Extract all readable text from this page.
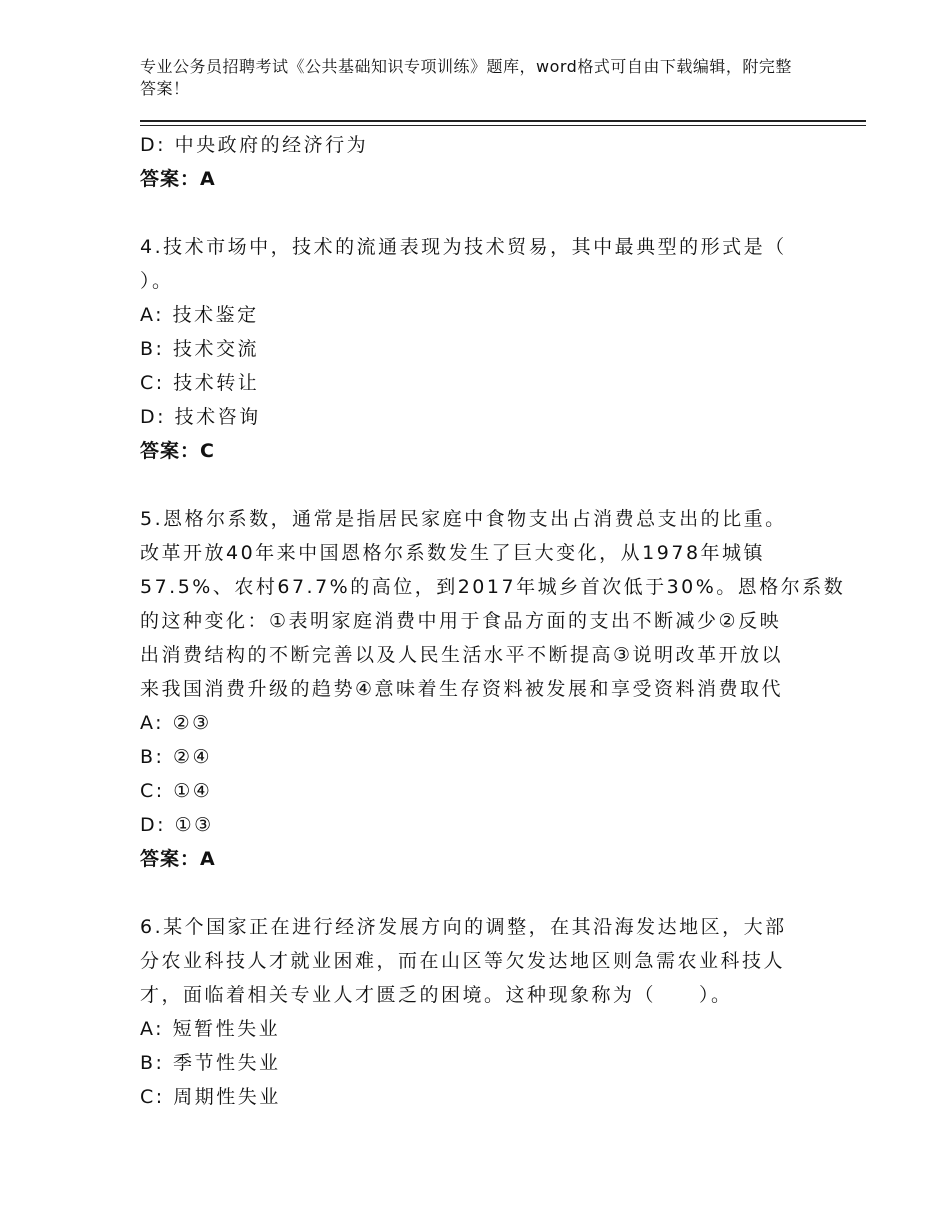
专业公务员招聘考试《公共基础知识专项训练》题库，word格式可自由下载编辑，附完整答案！
D: 中央政府的经济行为
答案：A
4.技术市场中，技术的流通表现为技术贸易，其中最典型的形式是（
）。
A: 技术鉴定
B: 技术交流
C: 技术转让
D: 技术咨询
答案：C
5.恩格尔系数，通常是指居民家庭中食物支出占消费总支出的比重。
改革开放40年来中国恩格尔系数发生了巨大变化，从1978年城镇
57.5%、农村67.7%的高位，到2017年城乡首次低于30%。恩格尔系数
的这种变化：①表明家庭消费中用于食品方面的支出不断减少②反映
出消费结构的不断完善以及人民生活水平不断提高③说明改革开放以
来我国消费升级的趋势④意味着生存资料被发展和享受资料消费取代
A: ②③
B: ②④
C: ①④
D: ①③
答案：A
6.某个国家正在进行经济发展方向的调整，在其沿海发达地区，大部
分农业科技人才就业困难，而在山区等欠发达地区则急需农业科技人
才，面临着相关专业人才匮乏的困境。这种现象称为（　　）。
A: 短暂性失业
B: 季节性失业
C: 周期性失业
